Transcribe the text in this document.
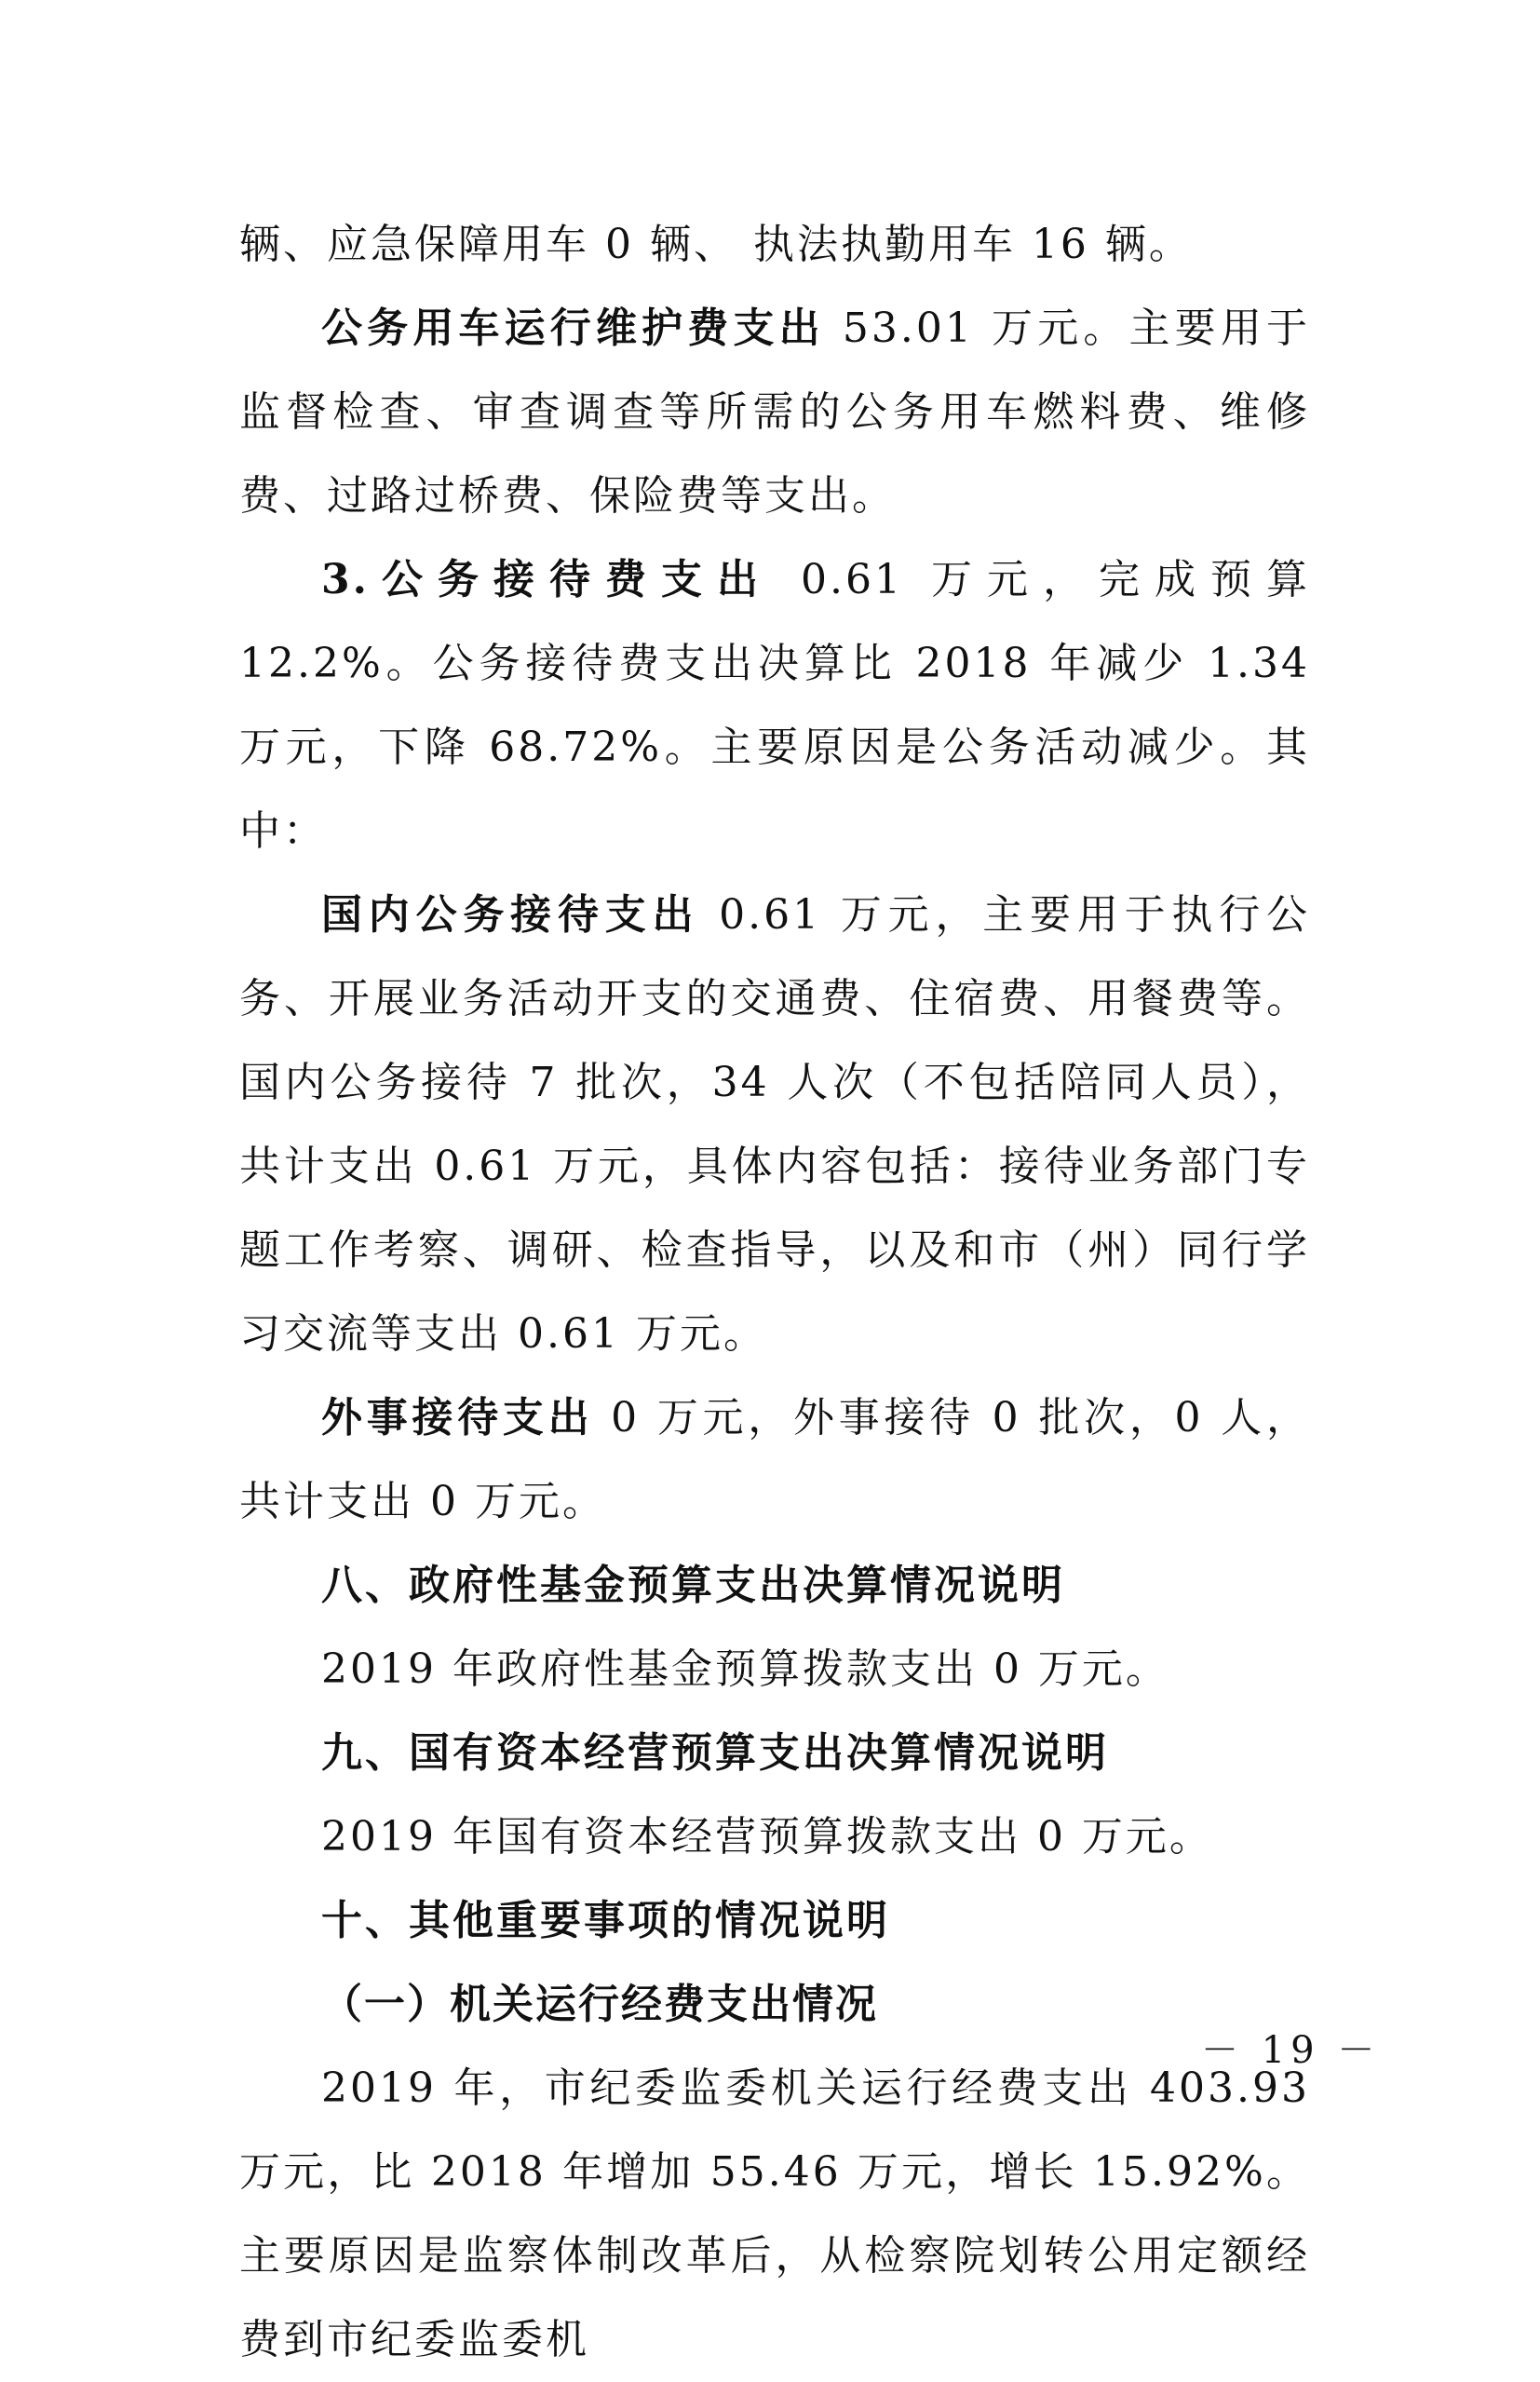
辆、应急保障用车 0 辆、 执法执勤用车 16 辆。

公务用车运行维护费支出 53.01 万元。主要用于监督检查、审查调查等所需的公务用车燃料费、维修费、过路过桥费、保险费等支出。

3.公务接待费支出 0.61 万元，完成预算 12.2%。公务接待费支出决算比 2018 年减少 1.34 万元，下降 68.72%。主要原因是公务活动减少。其中：

国内公务接待支出 0.61 万元，主要用于执行公务、开展业务活动开支的交通费、住宿费、用餐费等。国内公务接待 7 批次，34 人次（不包括陪同人员），共计支出 0.61 万元，具体内容包括：接待业务部门专题工作考察、调研、检查指导，以及和市（州）同行学习交流等支出 0.61 万元。

外事接待支出 0 万元，外事接待 0 批次，0 人，共计支出 0 万元。

八、政府性基金预算支出决算情况说明

2019 年政府性基金预算拨款支出 0 万元。

九、国有资本经营预算支出决算情况说明

2019 年国有资本经营预算拨款支出 0 万元。

十、其他重要事项的情况说明

（一）机关运行经费支出情况

2019 年，市纪委监委机关运行经费支出 403.93 万元，比 2018 年增加 55.46 万元，增长 15.92%。主要原因是监察体制改革后，从检察院划转公用定额经费到市纪委监委机

－ 19 －
